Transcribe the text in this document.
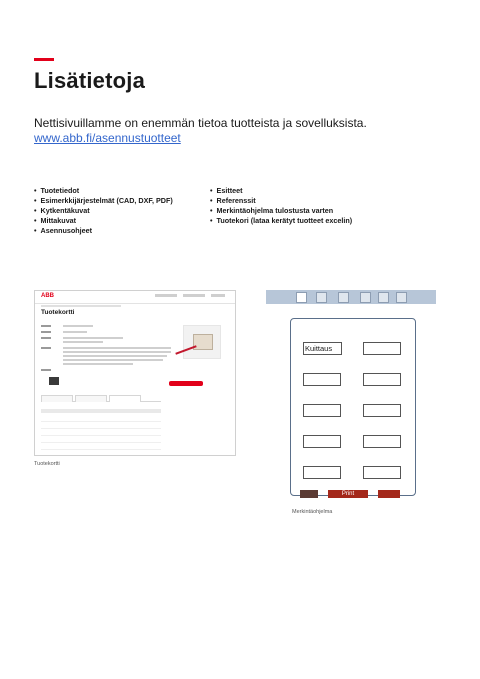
Lisätietoja
Nettisivuillamme on enemmän tietoa tuotteista ja sovelluksista.
www.abb.fi/asennustuotteet
• Tuotetiedot
• Esimerkkijärjestelmät (CAD, DXF, PDF)
• Kytkentäkuvat
• Mittakuvat
• Asennusohjeet
• Esitteet
• Referenssit
• Merkintäohjelma tulostusta varten
• Tuotekori (lataa kerätyt tuotteet excelin)
ABB
Tuotekortti
Tuotekortti
Kuittaus
Print
Merkintäohjelma
